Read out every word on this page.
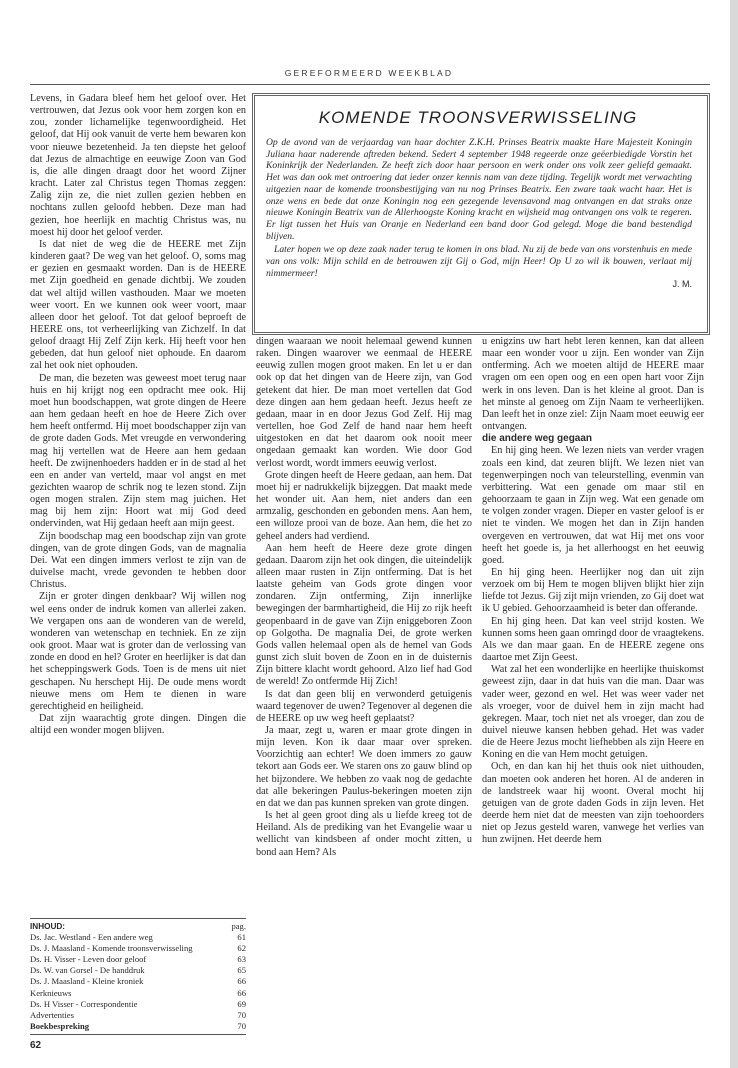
GEREFORMEERD WEEKBLAD

Levens, in Gadara bleef hem het geloof over. Het vertrouwen, dat Jezus ook voor hem zorgen kon en zou, zonder lichamelijke tegenwoordigheid. Het geloof, dat Hij ook vanuit de verte hem bewaren kon voor nieuwe bezetenheid. Ja ten diepste het geloof dat Jezus de almachtige en eeuwige Zoon van God is, die alle dingen draagt door het woord Zijner kracht. Later zal Christus tegen Thomas zeggen: Zalig zijn ze, die niet zullen gezien hebben en nochtans zullen geloofd hebben. Deze man had gezien, hoe heerlijk en machtig Christus was, nu moest hij door het geloof verder.

Is dat niet de weg die de HEERE met Zijn kinderen gaat? De weg van het geloof. O, soms mag er gezien en gesmaakt worden. Dan is de HEERE met Zijn goedheid en genade dichtbij. We zouden dat wel altijd willen vasthouden. Maar we moeten weer voort. En we kunnen ook weer voort, maar alleen door het geloof. Tot dat geloof beproeft de HEERE ons, tot verheerlijking van Zichzelf. In dat geloof draagt Hij Zelf Zijn kerk. Hij heeft voor hen gebeden, dat hun geloof niet ophoude. En daarom zal het ook niet ophouden.

De man, die bezeten was geweest moet terug naar huis en hij krijgt nog een opdracht mee ook. Hij moet hun boodschappen, wat grote dingen de Heere aan hem gedaan heeft en hoe de Heere Zich over hem heeft ontfermd. Hij moet boodschapper zijn van de grote daden Gods. Met vreugde en verwondering mag hij vertellen wat de Heere aan hem gedaan heeft. De zwijnenhoeders hadden er in de stad al het een en ander van verteld, maar vol angst en met gezichten waarop de schrik nog te lezen stond. Zijn ogen mogen stralen. Zijn stem mag juichen. Het mag bij hem zijn: Hoort wat mij God deed ondervinden, wat Hij gedaan heeft aan mijn geest.

Zijn boodschap mag een boodschap zijn van grote dingen, van de grote dingen Gods, van de magnalia Dei. Wat een dingen immers verlost te zijn van de duivelse macht, vrede gevonden te hebben door Christus.

Zijn er groter dingen denkbaar? Wij willen nog wel eens onder de indruk komen van allerlei zaken. We vergapen ons aan de wonderen van de wereld, wonderen van wetenschap en techniek. En ze zijn ook groot. Maar wat is groter dan de verlossing van zonde en dood en hel? Groter en heerlijker is dat dan het scheppingswerk Gods. Toen is de mens uit niet geschapen. Nu herschept Hij. De oude mens wordt nieuwe mens om Hem te dienen in ware gerechtigheid en heiligheid.

Dat zijn waarachtig grote dingen. Dingen die altijd een wonder mogen blijven.

INHOUD:	pag.
Ds. Jac. Westland - Een andere weg	61
Ds. J. Maasland - Komende troonsverwisseling	62
Ds. H. Visser - Leven door geloof	63
Ds. W. van Gorsel - De handdruk	65
Ds. J. Maasland - Kleine kroniek	66
Kerknieuws	66
Ds. H Visser - Correspondentie	69
Advertenties	70
Boekbespreking	70
62
KOMENDE TROONSVERWISSELING

Op de avond van de verjaardag van haar dochter Z.K.H. Prinses Beatrix maakte Hare Majesteit Koningin Juliana haar naderende aftreden bekend. Sedert 4 september 1948 regeerde onze geëerbiedigde Vorstin het Koninkrijk der Nederlanden. Ze heeft zich door haar persoon en werk onder ons volk zeer geliefd gemaakt. Het was dan ook met ontroering dat ieder onzer kennis nam van deze tijding. Tegelijk wordt met verwachting uitgezien naar de komende troonsbestijging van nu nog Prinses Beatrix. Een zware taak wacht haar. Het is onze wens en bede dat onze Koningin nog een gezegende levensavond mag ontvangen en dat straks onze nieuwe Koningin Beatrix van de Allerhoogste Koning kracht en wijsheid mag ontvangen ons volk te regeren. Er ligt tussen het Huis van Oranje en Nederland een band door God gelegd. Moge die band bestendigd blijven.

Later hopen we op deze zaak nader terug te komen in ons blad. Nu zij de bede van ons vorstenhuis en mede van ons volk: Mijn schild en de betrouwen zijt Gij o God, mijn Heer! Op U zo wil ik bouwen, verlaat mij nimmermeer!

J. M.

dingen waaraan we nooit helemaal gewend kunnen raken. Dingen waarover we eenmaal de HEERE eeuwig zullen mogen groot maken. En let u er dan ook op dat het dingen van de Heere zijn, van God getekent dat hier. De man moet vertellen dat God deze dingen aan hem gedaan heeft. Jezus heeft ze gedaan, maar in en door Jezus God Zelf. Hij mag vertellen, hoe God Zelf de hand naar hem heeft uitgestoken en dat het daarom ook nooit meer ongedaan gemaakt kan worden. Wie door God verlost wordt, wordt immers eeuwig verlost.

Grote dingen heeft de Heere gedaan, aan hem. Dat moet hij er nadrukkelijk bijzeggen. Dat maakt mede het wonder uit. Aan hem, niet anders dan een armzalig, geschonden en gebonden mens. Aan hem, een willoze prooi van de boze. Aan hem, die het zo geheel anders had verdiend.

Aan hem heeft de Heere deze grote dingen gedaan. Daarom zijn het ook dingen, die uiteindelijk alleen maar rusten in Zijn ontferming. Dat is het laatste geheim van Gods grote dingen voor zondaren. Zijn ontferming, Zijn innerlijke bewegingen der barmhartigheid, die Hij zo rijk heeft geopenbaard in de gave van Zijn eniggeboren Zoon op Golgotha. De magnalia Dei, de grote werken Gods vallen helemaal open als de hemel van Gods gunst zich sluit boven de Zoon en in de duisternis Zijn bittere klacht wordt gehoord. Alzo lief had God de wereld! Zo ontfermde Hij Zich!

Is dat dan geen blij en verwonderd getuigenis waard tegenover de uwen? Tegenover al degenen die de HEERE op uw weg heeft geplaatst?

Ja maar, zegt u, waren er maar grote dingen in mijn leven. Kon ik daar maar over spreken. Voorzichtig aan echter! We doen immers zo gauw tekort aan Gods eer. We staren ons zo gauw blind op het bijzondere. We hebben zo vaak nog de gedachte dat alle bekeringen Paulus-bekeringen moeten zijn en dat we dan pas kunnen spreken van grote dingen.

Is het al geen groot ding als u liefde kreeg tot de Heiland. Als de prediking van het Evangelie waar u wellicht van kindsbeen af onder mocht zitten, u bond aan Hem? Als

u enigzins uw hart hebt leren kennen, kan dat alleen maar een wonder voor u zijn. Een wonder van Zijn ontferming. Ach we moeten altijd de HEERE maar vragen om een open oog en een open hart voor Zijn werk in ons leven. Dan is het kleine al groot. Dan is het minste al genoeg om Zijn Naam te verheerlijken. Dan leeft het in onze ziel: Zijn Naam moet eeuwig eer ontvangen.

die andere weg gegaan

En hij ging heen. We lezen niets van verder vragen zoals een kind, dat zeuren blijft. We lezen niet van tegenwerpingen noch van teleurstelling, evenmin van verbittering. Wat een genade om maar stil en gehoorzaam te gaan in Zijn weg. Wat een genade om te volgen zonder vragen. Dieper en vaster geloof is er niet te vinden. We mogen het dan in Zijn handen overgeven en vertrouwen, dat wat Hij met ons voor heeft het goede is, ja het allerhoogst en het eeuwig goed.

En hij ging heen. Heerlijker nog dan uit zijn verzoek om bij Hem te mogen blijven blijkt hier zijn liefde tot Jezus. Gij zijt mijn vrienden, zo Gij doet wat ik U gebied. Gehoorzaamheid is beter dan offerande.

En hij ging heen. Dat kan veel strijd kosten. We kunnen soms heen gaan omringd door de vraagtekens. Als we dan maar gaan. En de HEERE zegene ons daartoe met Zijn Geest.

Wat zal het een wonderlijke en heerlijke thuiskomst geweest zijn, daar in dat huis van die man. Daar was vader weer, gezond en wel. Het was weer vader net als vroeger, voor de duivel hem in zijn macht had gekregen. Maar, toch niet net als vroeger, dan zou de duivel nieuwe kansen hebben gehad. Het was vader die de Heere Jezus mocht liefhebben als zijn Heere en Koning en die van Hem mocht getuigen.

Och, en dan kan hij het thuis ook niet uithouden, dan moeten ook anderen het horen. Al de anderen in de landstreek waar hij woont. Overal mocht hij getuigen van de grote daden Gods in zijn leven. Het deerde hem niet dat de meesten van zijn toehoorders niet op Jezus gesteld waren, vanwege het verlies van hun zwijnen. Het deerde hem
